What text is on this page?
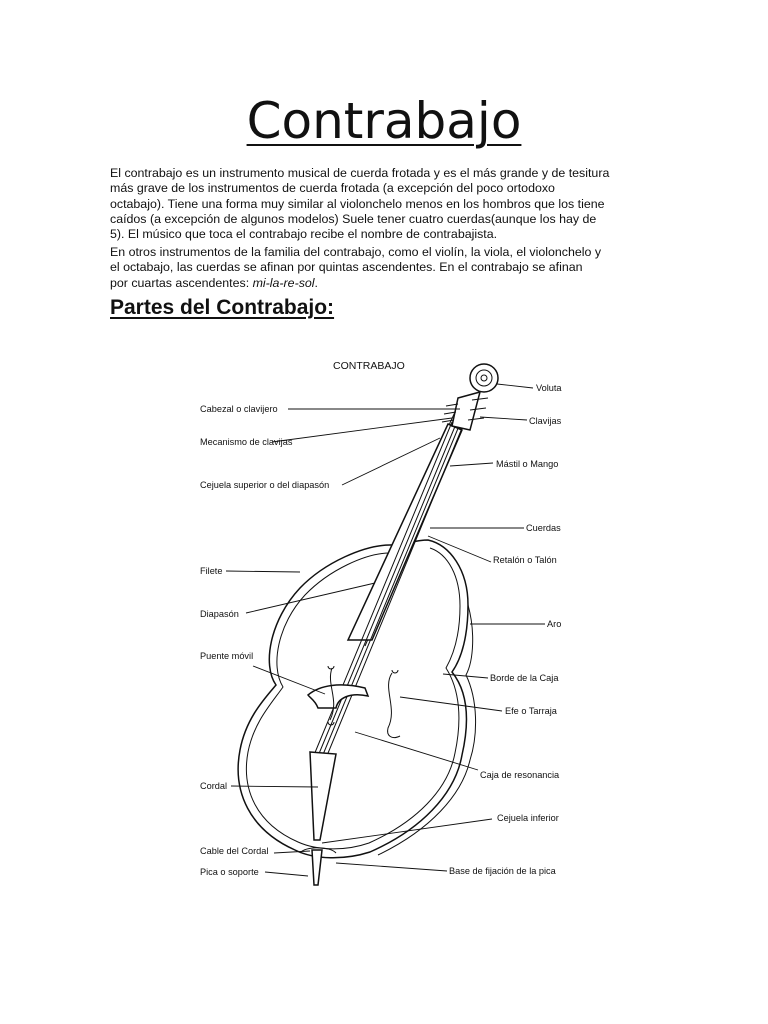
Contrabajo

El contrabajo es un instrumento musical de cuerda frotada y es el más grande y de tesitura
más grave de los instrumentos de cuerda frotada (a excepción del poco ortodoxo
octabajo). Tiene una forma muy similar al violonchelo menos en los hombros que los tiene
caídos (a excepción de algunos modelos) Suele tener cuatro cuerdas(aunque los hay de
5). El músico que toca el contrabajo recibe el nombre de contrabajista.

En otros instrumentos de la familia del contrabajo, como el violín, la viola, el violonchelo y
el octabajo, las cuerdas se afinan por quintas ascendentes. En el contrabajo se afinan
por cuartas ascendentes: mi-la-re-sol.

Partes del Contrabajo:
CONTRABAJO
Voluta
Cabezal o clavijero
Clavijas
Mecanismo de clavijas
Mástil o Mango
Cejuela superior o del diapasón
Cuerdas
Retalón o Talón
Filete
Aro
Diapasón
Puente móvil
Borde de la Caja
Efe o Tarraja
Caja de resonancia
Cordal
Cejuela inferior
Cable del Cordal
Base de fijación de la pica
Pica o soporte
